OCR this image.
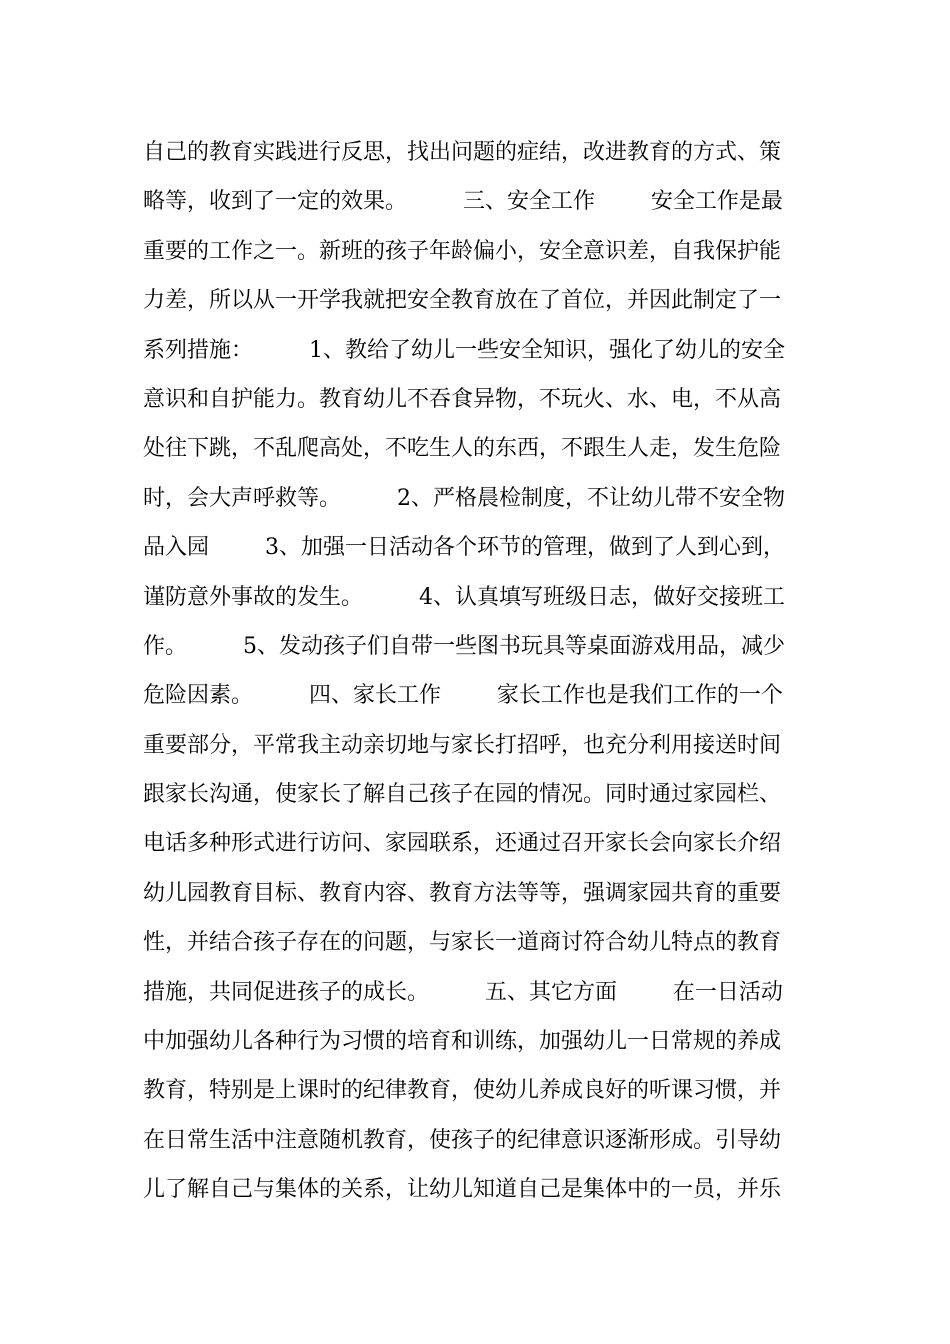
自己的教育实践进行反思，找出问题的症结，改进教育的方式、策
略等，收到了一定的效果。        三、安全工作        安全工作是最
重要的工作之一。新班的孩子年龄偏小，安全意识差，自我保护能
力差，所以从一开学我就把安全教育放在了首位，并因此制定了一
系列措施：        1、教给了幼儿一些安全知识，强化了幼儿的安全
意识和自护能力。教育幼儿不吞食异物，不玩火、水、电，不从高
处往下跳，不乱爬高处，不吃生人的东西，不跟生人走，发生危险
时，会大声呼救等。        2、严格晨检制度，不让幼儿带不安全物
品入园        3、加强一日活动各个环节的管理，做到了人到心到，
谨防意外事故的发生。        4、认真填写班级日志，做好交接班工
作。        5、发动孩子们自带一些图书玩具等桌面游戏用品，减少
危险因素。        四、家长工作        家长工作也是我们工作的一个
重要部分，平常我主动亲切地与家长打招呼，也充分利用接送时间
跟家长沟通，使家长了解自己孩子在园的情况。同时通过家园栏、
电话多种形式进行访问、家园联系，还通过召开家长会向家长介绍
幼儿园教育目标、教育内容、教育方法等等，强调家园共育的重要
性，并结合孩子存在的问题，与家长一道商讨符合幼儿特点的教育
措施，共同促进孩子的成长。        五、其它方面        在一日活动
中加强幼儿各种行为习惯的培育和训练，加强幼儿一日常规的养成
教育，特别是上课时的纪律教育，使幼儿养成良好的听课习惯，并
在日常生活中注意随机教育，使孩子的纪律意识逐渐形成。引导幼
儿了解自己与集体的关系，让幼儿知道自己是集体中的一员，并乐
